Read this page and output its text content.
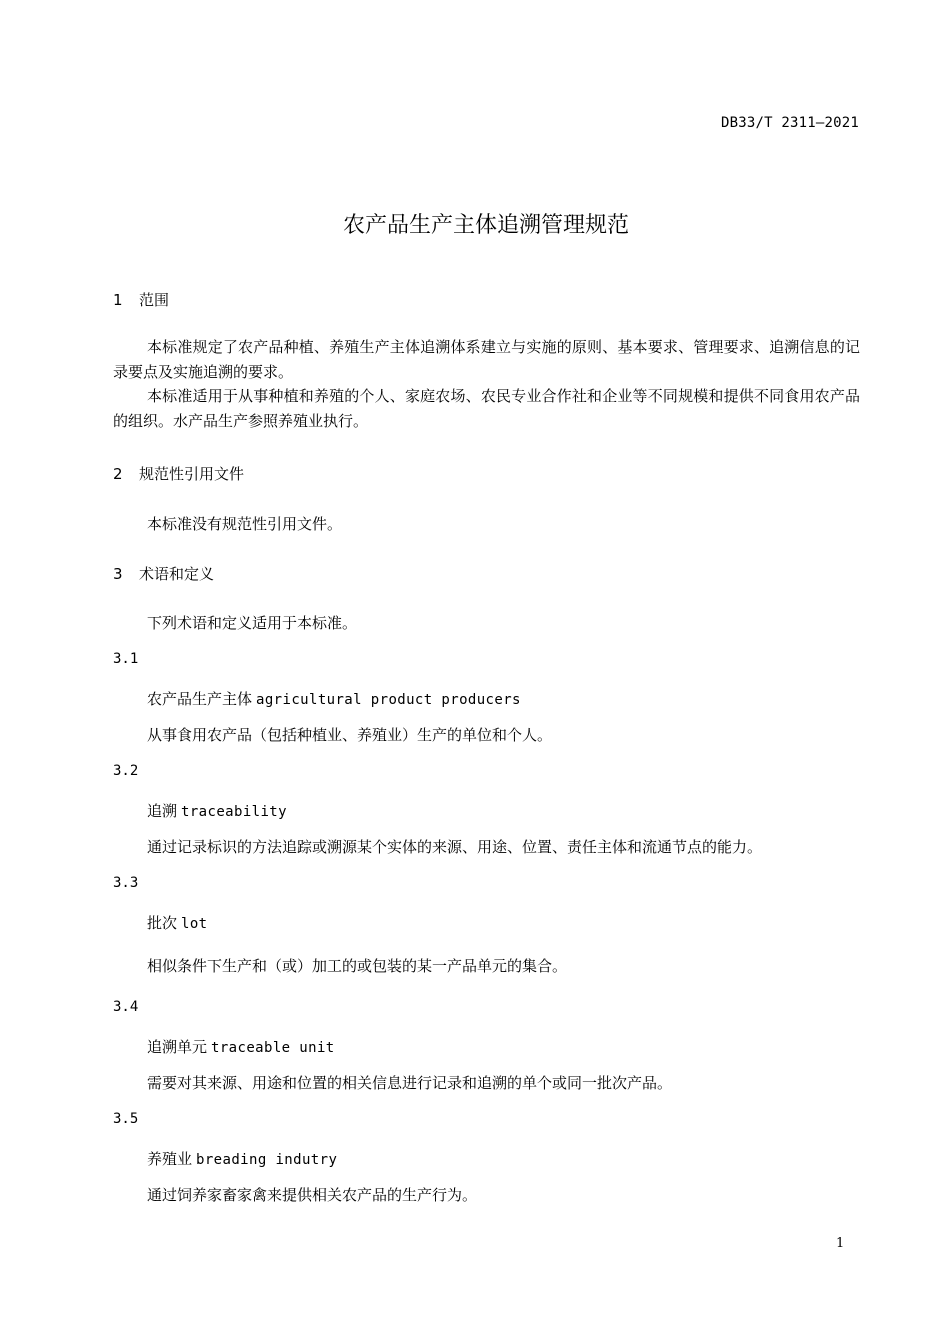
DB33/T 2311—2021
农产品生产主体追溯管理规范
1 范围
本标准规定了农产品种植、养殖生产主体追溯体系建立与实施的原则、基本要求、管理要求、追溯信息的记录要点及实施追溯的要求。
本标准适用于从事种植和养殖的个人、家庭农场、农民专业合作社和企业等不同规模和提供不同食用农产品的组织。水产品生产参照养殖业执行。
2 规范性引用文件
本标准没有规范性引用文件。
3 术语和定义
下列术语和定义适用于本标准。
3.1
农产品生产主体 agricultural product producers
从事食用农产品（包括种植业、养殖业）生产的单位和个人。
3.2
追溯 traceability
通过记录标识的方法追踪或溯源某个实体的来源、用途、位置、责任主体和流通节点的能力。
3.3
批次 lot
相似条件下生产和（或）加工的或包装的某一产品单元的集合。
3.4
追溯单元 traceable unit
需要对其来源、用途和位置的相关信息进行记录和追溯的单个或同一批次产品。
3.5
养殖业 breading indutry
通过饲养家畜家禽来提供相关农产品的生产行为。
1
